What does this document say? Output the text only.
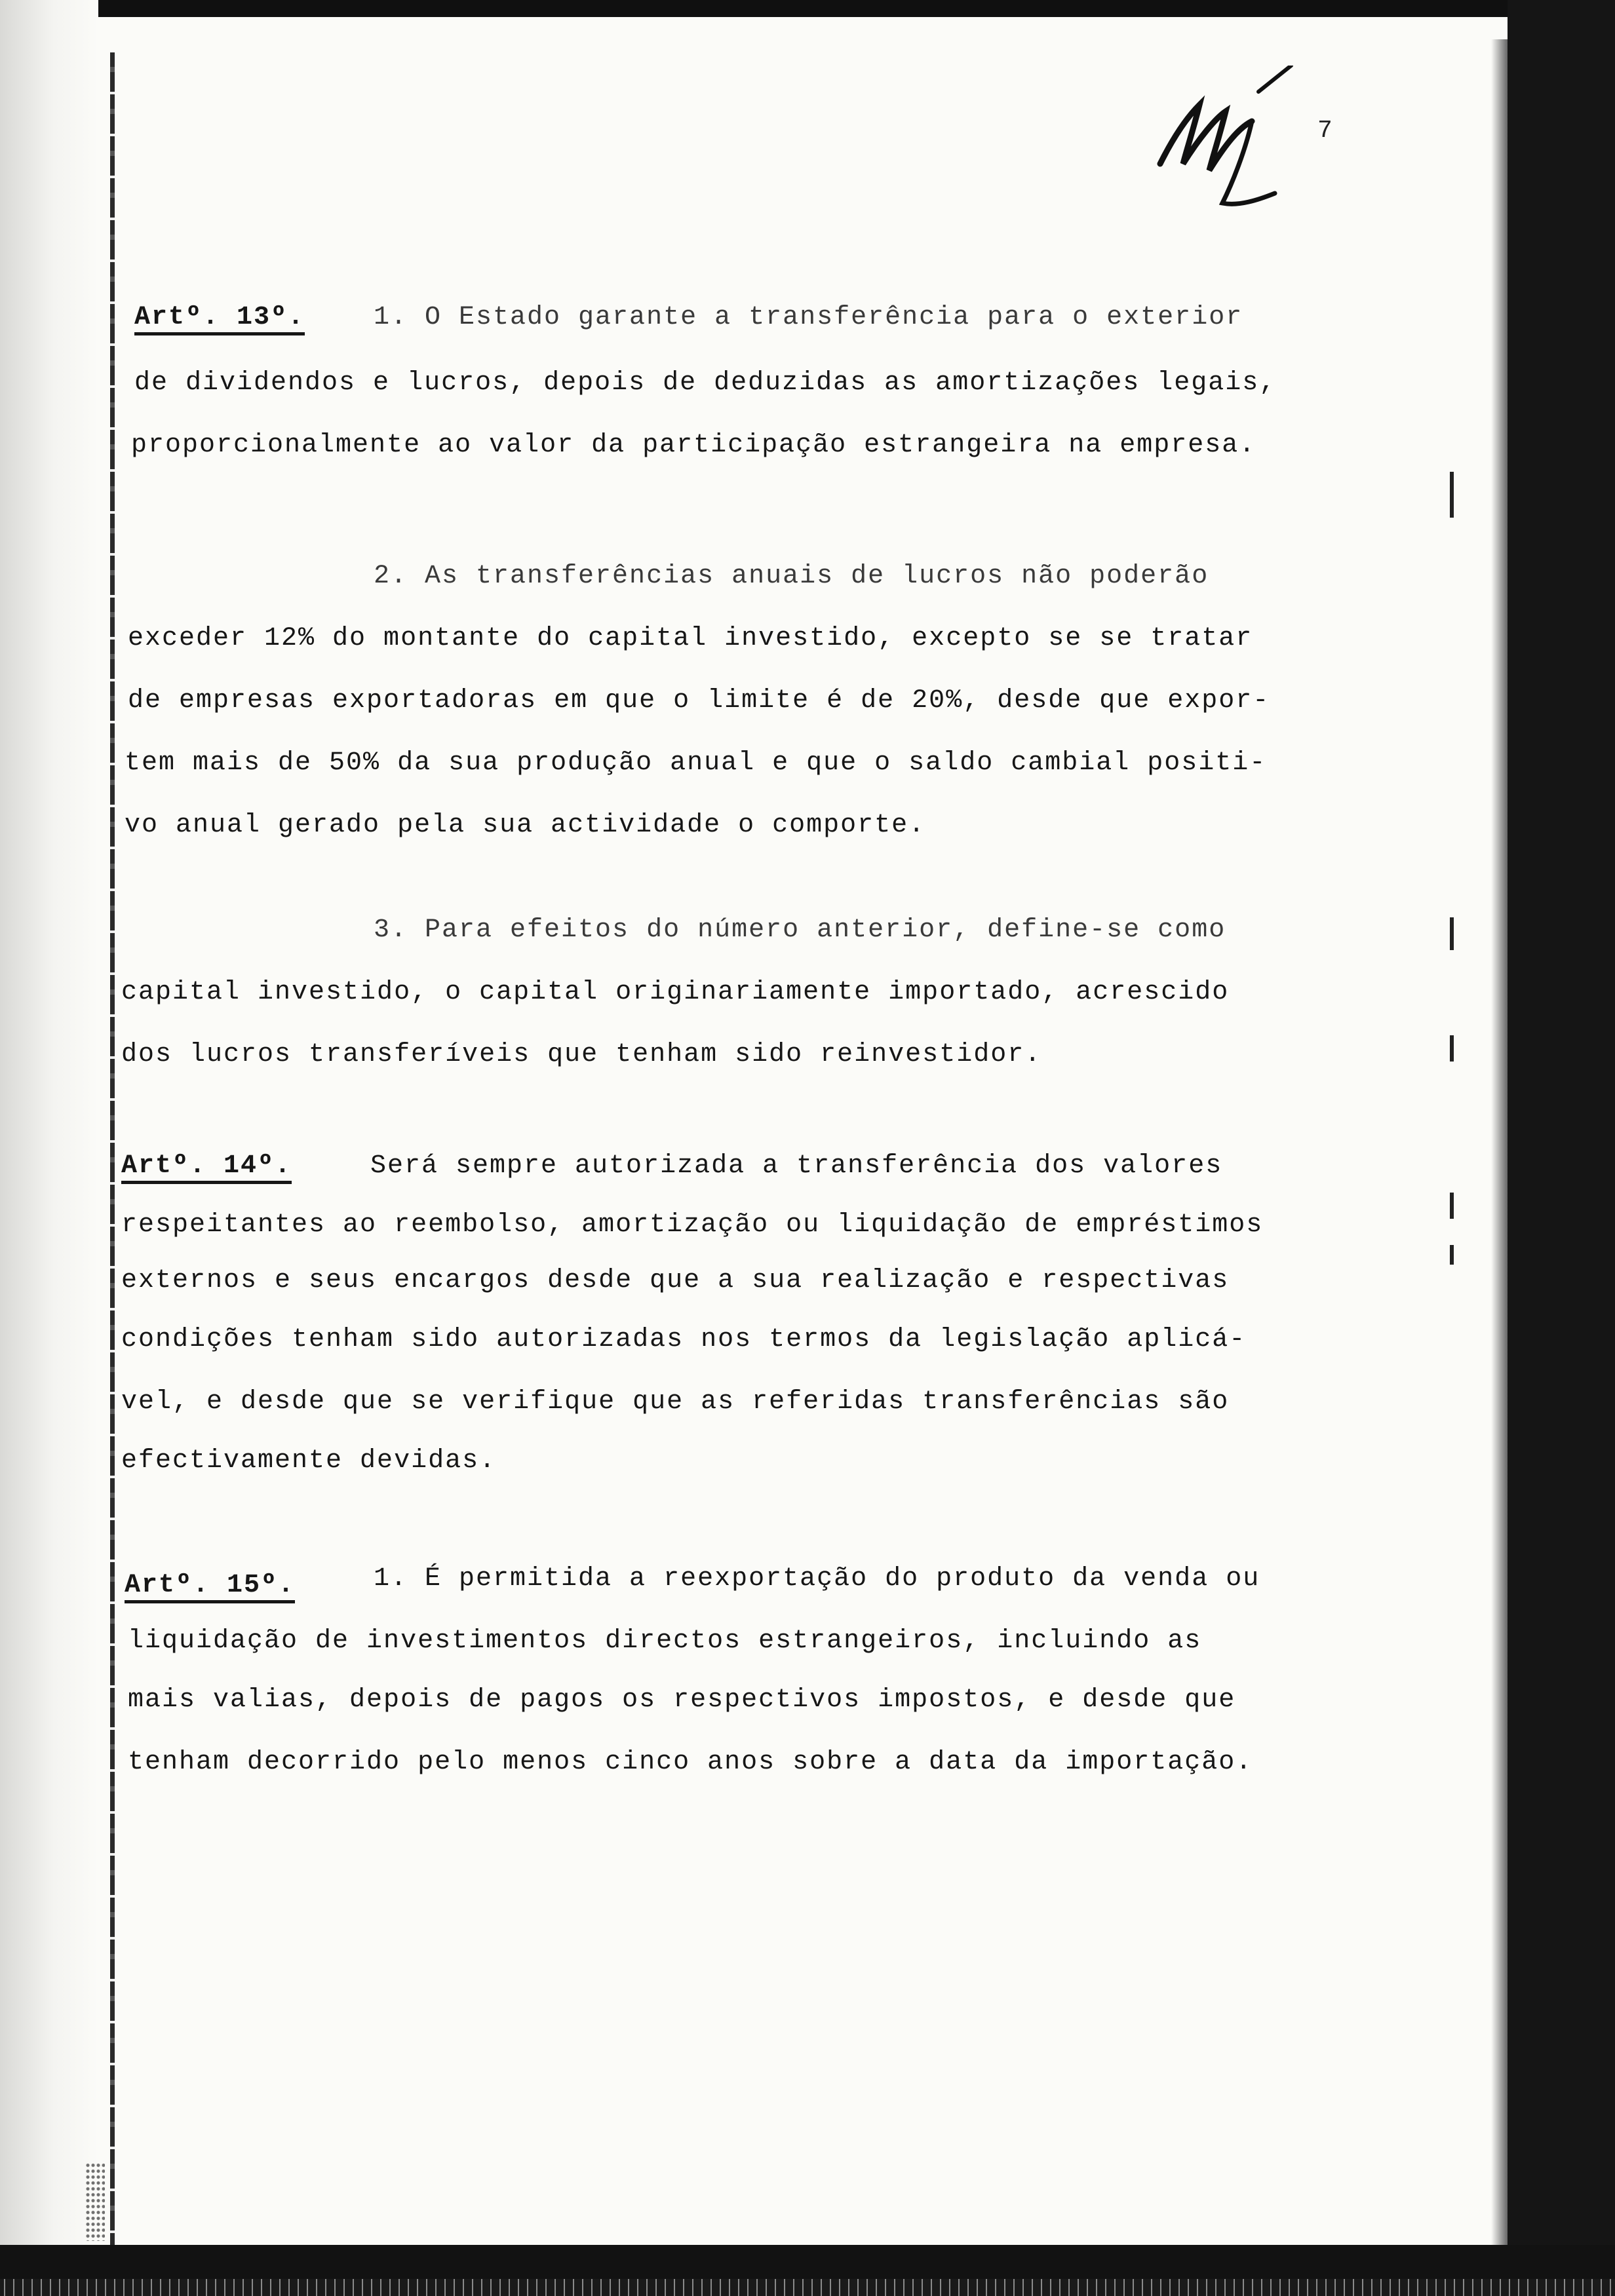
7
Artº. 13º.	1. O Estado garante a transferência para o exterior
de dividendos e lucros, depois de deduzidas as amortizações legais,
proporcionalmente ao valor da participação estrangeira na empresa.
2. As transferências anuais de lucros não poderão
exceder 12% do montante do capital investido, excepto se se tratar
de empresas exportadoras em que o limite é de 20%, desde que expor-
tem mais de 50% da sua produção anual e que o saldo cambial positi-
vo anual gerado pela sua actividade o comporte.
3. Para efeitos do número anterior, define-se como
capital investido, o capital originariamente importado, acrescido
dos lucros transferíveis que tenham sido reinvestidor.
Artº. 14º.	Será sempre autorizada a transferência dos valores
respeitantes ao reembolso, amortização ou liquidação de empréstimos
externos e seus encargos desde que a sua realização e respectivas
condições tenham sido autorizadas nos termos da legislação aplicá-
vel, e desde que se verifique que as referidas transferências são
efectivamente devidas.
Artº. 15º.	1. É permitida a reexportação do produto da venda ou
liquidação de investimentos directos estrangeiros, incluindo as
mais valias, depois de pagos os respectivos impostos, e desde que
tenham decorrido pelo menos cinco anos sobre a data da importação.
